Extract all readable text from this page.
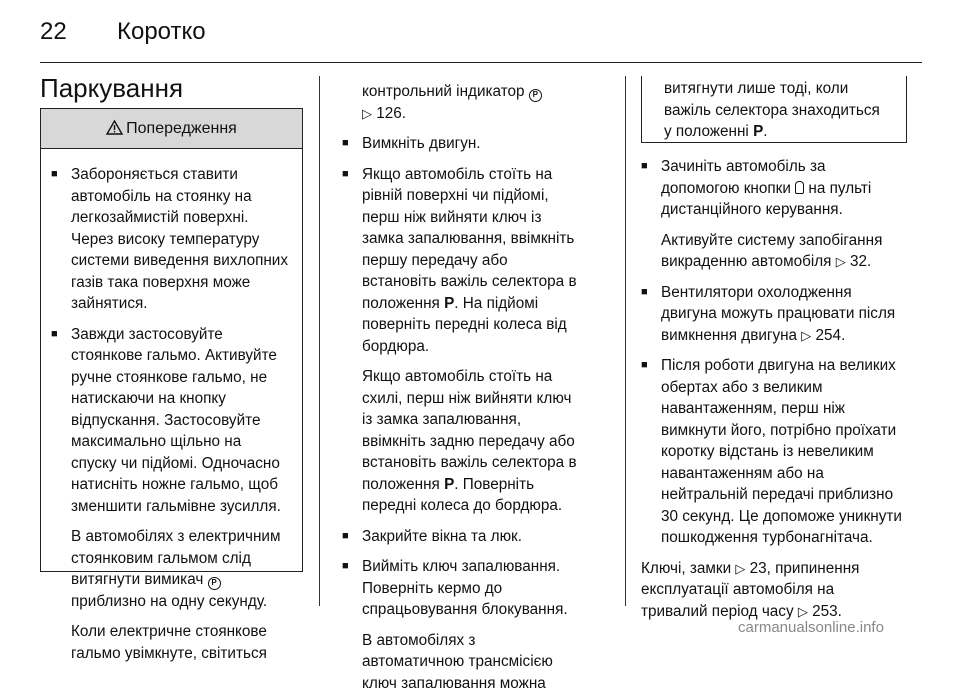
22 Коротко
Паркування
Попередження
■ Забороняється ставити
автомобіль на стоянку на
легкозаймистій поверхні.
Через високу температуру
системи виведення вихлопних
газів така поверхня може
зайнятися.
■ Завжди застосовуйте
стоянкове гальмо. Активуйте
ручне стоянкове гальмо, не
натискаючи на кнопку
відпускання. Застосовуйте
максимально щільно на
спуску чи підйомі. Одночасно
натисніть ножне гальмо, щоб
зменшити гальмівне зусилля.
В автомобілях з електричним
стоянковим гальмом слід
витягнути вимикач P
приблизно на одну секунду.
Коли електричне стоянкове
гальмо увімкнуте, світиться
контрольний індикатор P
▷ 126.
■ Вимкніть двигун.
■ Якщо автомобіль стоїть на
рівній поверхні чи підйомі,
перш ніж вийняти ключ із
замка запалювання, ввімкніть
першу передачу або
встановіть важіль селектора в
положення Р. На підйомі
поверніть передні колеса від
бордюра.
Якщо автомобіль стоїть на
схилі, перш ніж вийняти ключ
із замка запалювання,
ввімкніть задню передачу або
встановіть важіль селектора в
положення Р. Поверніть
передні колеса до бордюра.
■ Закрийте вікна та люк.
■ Вийміть ключ запалювання.
Поверніть кермо до
спрацьовування блокування.
В автомобілях з
автоматичною трансмісією
ключ запалювання можна
витягнути лише тоді, коли
важіль селектора знаходиться
у положенні Р.
■ Зачиніть автомобіль за
допомогою кнопки на пульті
дистанційного керування.
Активуйте систему запобігання
викраденню автомобіля ▷ 32.
■ Вентилятори охолодження
двигуна можуть працювати після
вимкнення двигуна ▷ 254.
■ Після роботи двигуна на великих
обертах або з великим
навантаженням, перш ніж
вимкнути його, потрібно проїхати
коротку відстань із невеликим
навантаженням або на
нейтральній передачі приблизно
30 секунд. Це допоможе уникнути
пошкодження турбонагнітача.
Ключі, замки ▷ 23, припинення
експлуатації автомобіля на
тривалий період часу ▷ 253.
carmanualsonline.info
